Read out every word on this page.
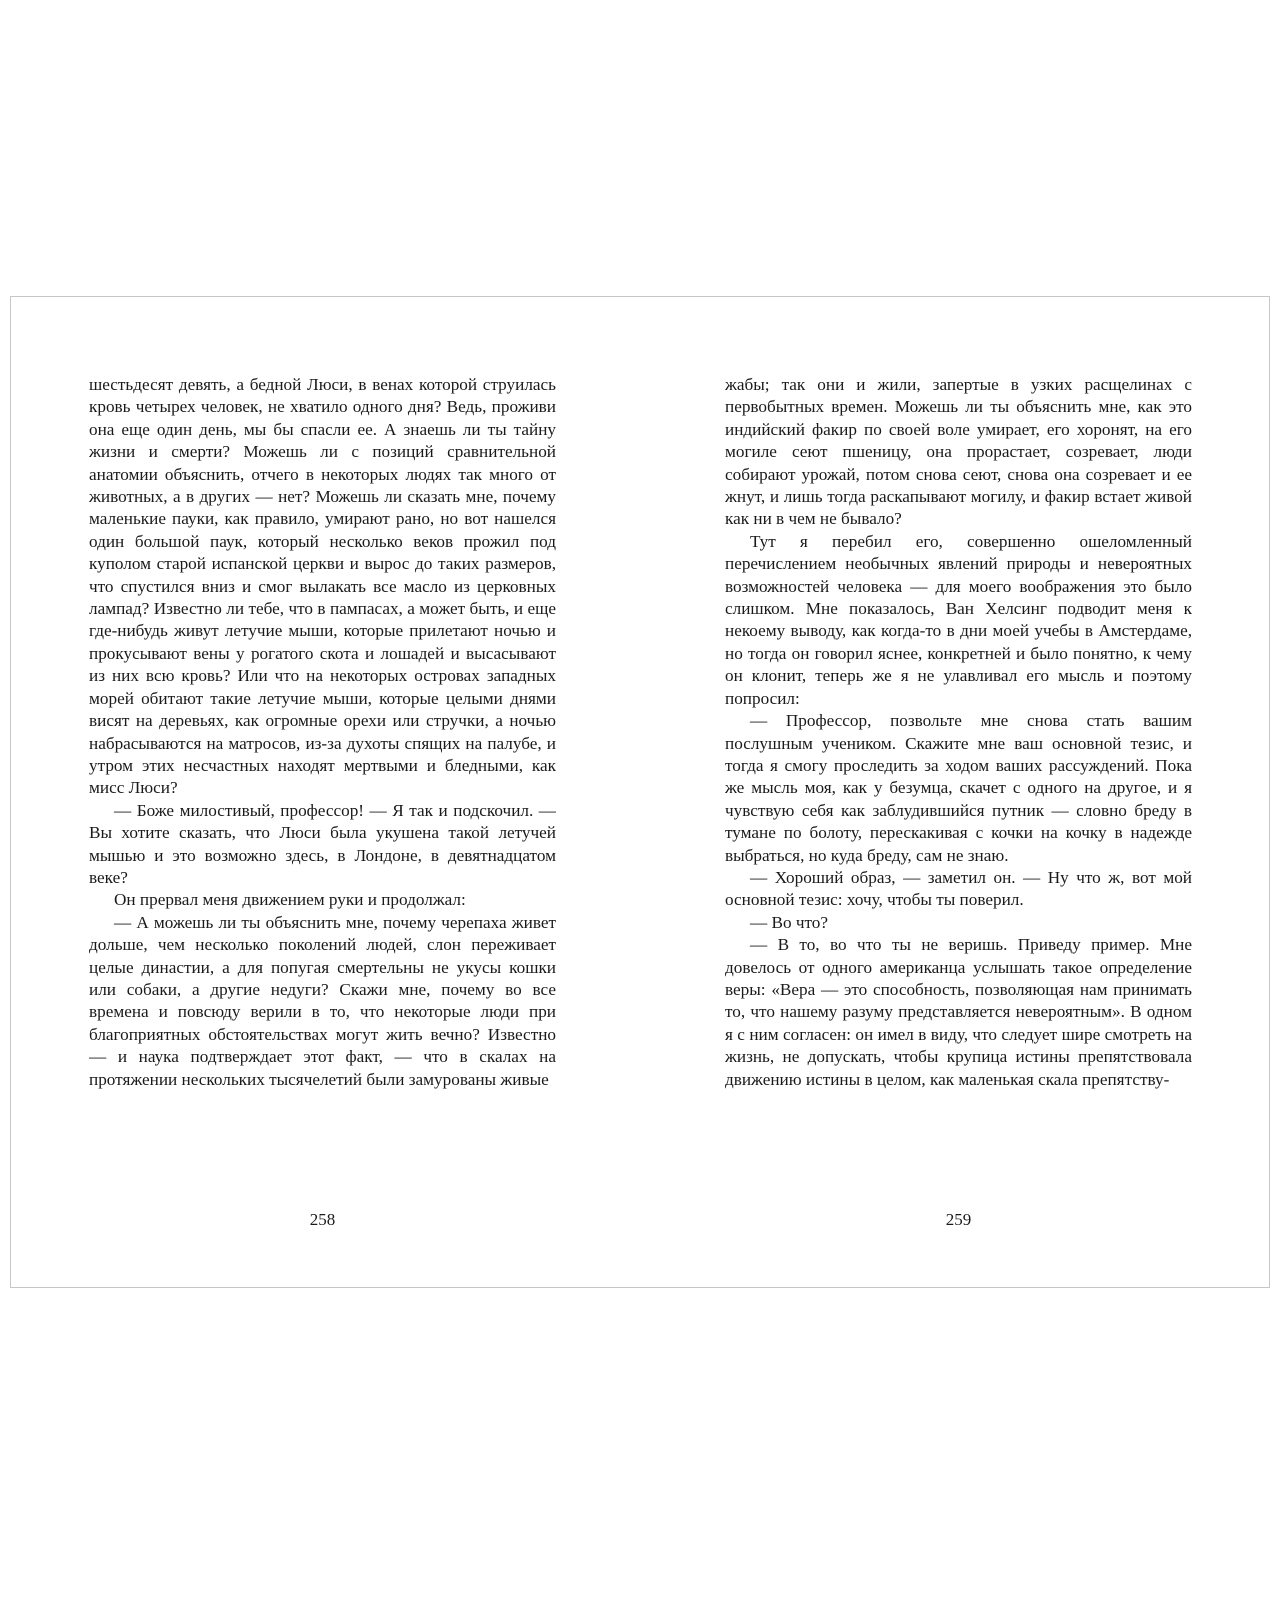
шестьдесят девять, а бедной Люси, в венах которой струилась кровь четырех человек, не хватило одного дня? Ведь, проживи она еще один день, мы бы спасли ее. А знаешь ли ты тайну жизни и смерти? Можешь ли с позиций сравнительной анатомии объяснить, отчего в некоторых людях так много от животных, а в других — нет? Можешь ли сказать мне, почему маленькие пауки, как правило, умирают рано, но вот нашелся один большой паук, который несколько веков прожил под куполом старой испанской церкви и вырос до таких размеров, что спустился вниз и смог вылакать все масло из церковных лампад? Известно ли тебе, что в пампасах, а может быть, и еще где-нибудь живут летучие мыши, которые прилетают ночью и прокусывают вены у рогатого скота и лошадей и высасывают из них всю кровь? Или что на некоторых островах западных морей обитают такие летучие мыши, которые целыми днями висят на деревьях, как огромные орехи или стручки, а ночью набрасываются на матросов, из-за духоты спящих на палубе, и утром этих несчастных находят мертвыми и бледными, как мисс Люси?

— Боже милостивый, профессор! — Я так и подскочил. — Вы хотите сказать, что Люси была укушена такой летучей мышью и это возможно здесь, в Лондоне, в девятнадцатом веке?

Он прервал меня движением руки и продолжал:

— А можешь ли ты объяснить мне, почему черепаха живет дольше, чем несколько поколений людей, слон переживает целые династии, а для попугая смертельны не укусы кошки или собаки, а другие недуги? Скажи мне, почему во все времена и повсюду верили в то, что некоторые люди при благоприятных обстоятельствах могут жить вечно? Известно — и наука подтверждает этот факт, — что в скалах на протяжении нескольких тысячелетий были замурованы живые

258

жабы; так они и жили, запертые в узких расщелинах с первобытных времен. Можешь ли ты объяснить мне, как это индийский факир по своей воле умирает, его хоронят, на его могиле сеют пшеницу, она прорастает, созревает, люди собирают урожай, потом снова сеют, снова она созревает и ее жнут, и лишь тогда раскапывают могилу, и факир встает живой как ни в чем не бывало?

Тут я перебил его, совершенно ошеломленный перечислением необычных явлений природы и невероятных возможностей человека — для моего воображения это было слишком. Мне показалось, Ван Хелсинг подводит меня к некоему выводу, как когда-то в дни моей учебы в Амстердаме, но тогда он говорил яснее, конкретней и было понятно, к чему он клонит, теперь же я не улавливал его мысль и поэтому попросил:

— Профессор, позвольте мне снова стать вашим послушным учеником. Скажите мне ваш основной тезис, и тогда я смогу проследить за ходом ваших рассуждений. Пока же мысль моя, как у безумца, скачет с одного на другое, и я чувствую себя как заблудившийся путник — словно бреду в тумане по болоту, перескакивая с кочки на кочку в надежде выбраться, но куда бреду, сам не знаю.

— Хороший образ, — заметил он. — Ну что ж, вот мой основной тезис: хочу, чтобы ты поверил.

— Во что?

— В то, во что ты не веришь. Приведу пример. Мне довелось от одного американца услышать такое определение веры: «Вера — это способность, позволяющая нам принимать то, что нашему разуму представляется невероятным». В одном я с ним согласен: он имел в виду, что следует шире смотреть на жизнь, не допускать, чтобы крупица истины препятствовала движению истины в целом, как маленькая скала препятству-

259
